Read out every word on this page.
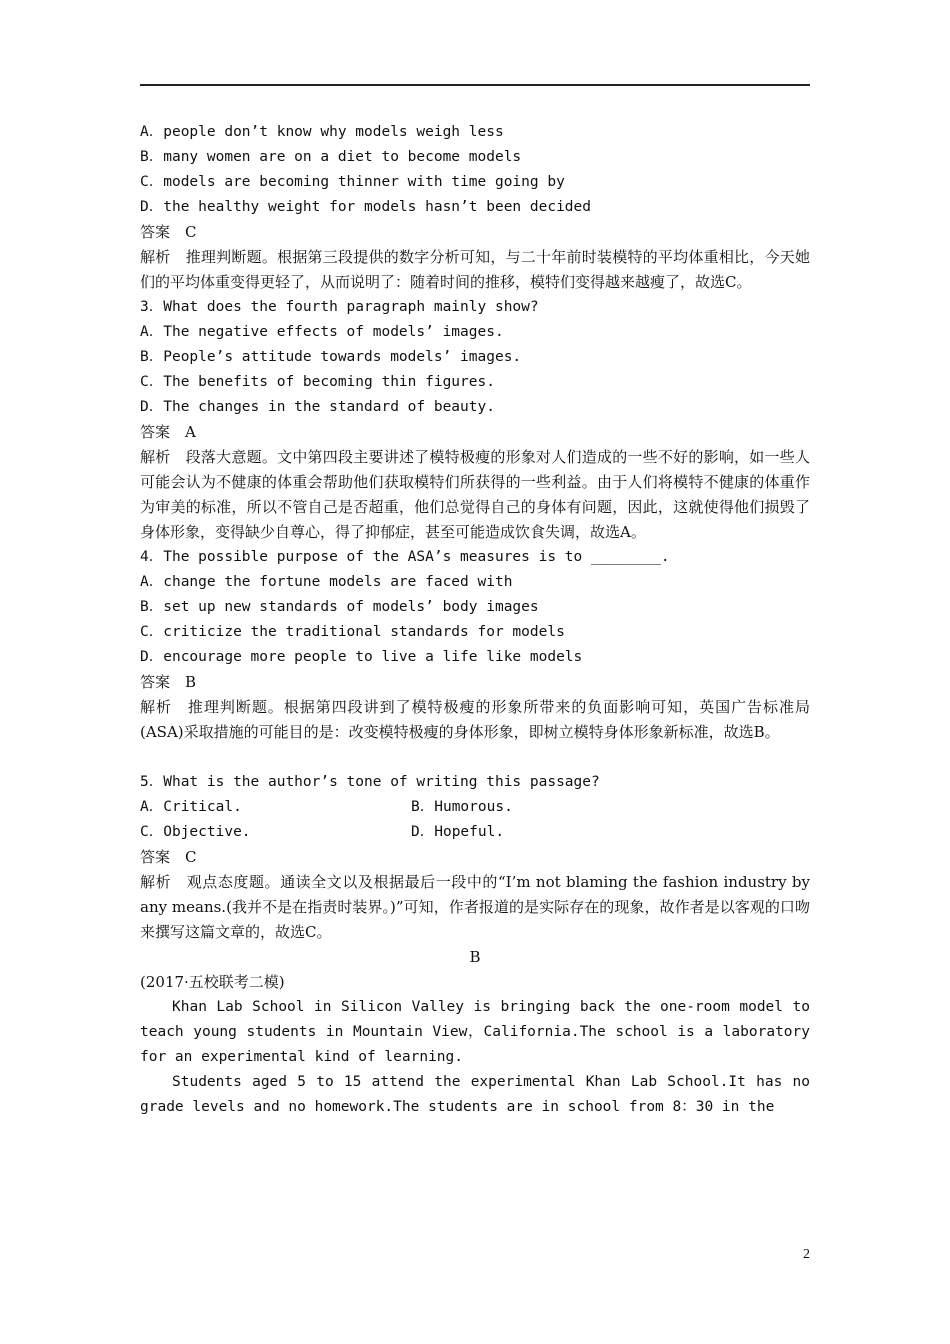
A．people don’t know why models weigh less
B．many women are on a diet to become models
C．models are becoming thinner with time going by
D．the healthy weight for models hasn’t been decided
答案　C
解析　推理判断题。根据第三段提供的数字分析可知，与二十年前时装模特的平均体重相比，今天她们的平均体重变得更轻了，从而说明了：随着时间的推移，模特们变得越来越瘦了，故选C。
3．What does the fourth paragraph mainly show?
A．The negative effects of models’ images.
B．People’s attitude towards models’ images.
C．The benefits of becoming thin figures.
D．The changes in the standard of beauty.
答案　A
解析　段落大意题。文中第四段主要讲述了模特极瘦的形象对人们造成的一些不好的影响，如一些人可能会认为不健康的体重会帮助他们获取模特们所获得的一些利益。由于人们将模特不健康的体重作为审美的标准，所以不管自己是否超重，他们总觉得自己的身体有问题，因此，这就使得他们损毁了身体形象，变得缺少自尊心，得了抑郁症，甚至可能造成饮食失调，故选A。
4．The possible purpose of the ASA’s measures is to ________.
A．change the fortune models are faced with
B．set up new standards of models’ body images
C．criticize the traditional standards for models
D．encourage more people to live a life like models
答案　B
解析　推理判断题。根据第四段讲到了模特极瘦的形象所带来的负面影响可知，英国广告标准局(ASA)采取措施的可能目的是：改变模特极瘦的身体形象，即树立模特身体形象新标准，故选B。
5．What is the author’s tone of writing this passage?
A．Critical.	B．Humorous.
C．Objective.	D．Hopeful.
答案　C
解析　观点态度题。通读全文以及根据最后一段中的“I’m not blaming the fashion industry by any means.(我并不是在指责时装界。)”可知，作者报道的是实际存在的现象，故作者是以客观的口吻来撰写这篇文章的，故选C。
B
(2017·五校联考二模)
Khan Lab School in Silicon Valley is bringing back the one-room model to teach young students in Mountain View，California.The school is a laboratory for an experimental kind of learning.
Students aged 5 to 15 attend the experimental Khan Lab School.It has no grade levels and no homework.The students are in school from 8：30 in the
2
